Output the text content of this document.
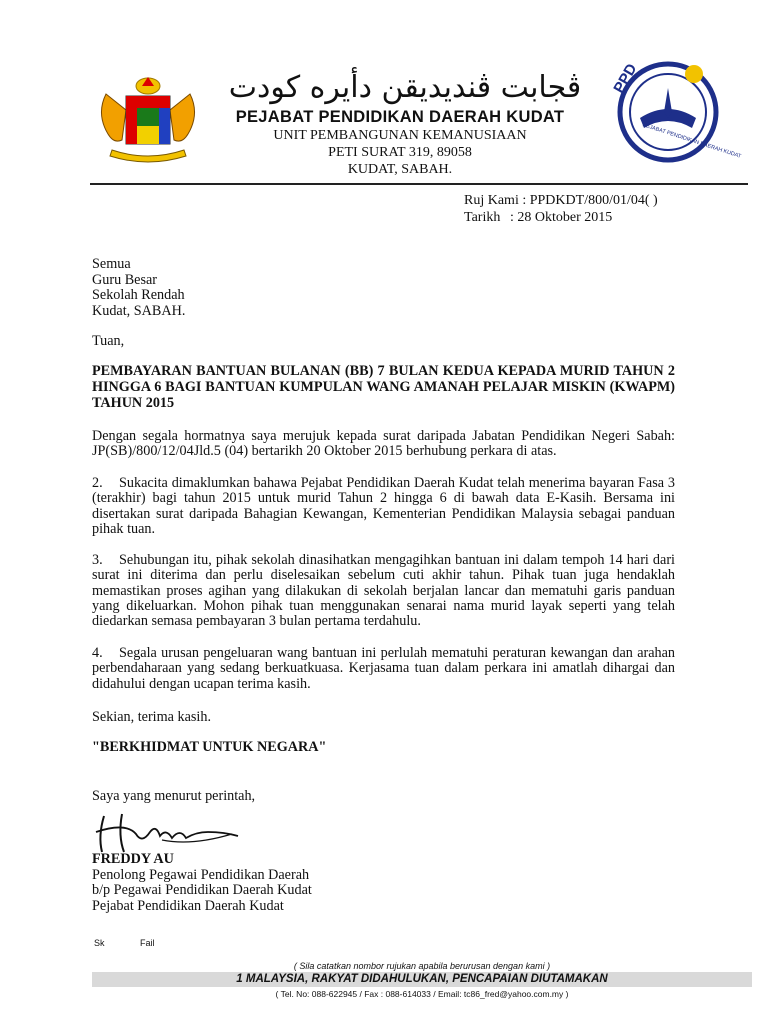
PPD
PEJABAT PENDIDIKAN DAERAH KUDAT
ڤجابت ڤنديديقن دأيره كودت
PEJABAT PENDIDIKAN DAERAH KUDAT
UNIT PEMBANGUNAN KEMANUSIAAN
PETI SURAT 319, 89058
KUDAT, SABAH.
Ruj Kami : PPDKDT/800/01/04( )
Tarikh : 28 Oktober 2015
Semua
Guru Besar
Sekolah Rendah
Kudat, SABAH.
Tuan,
PEMBAYARAN BANTUAN BULANAN (BB) 7 BULAN KEDUA KEPADA MURID TAHUN 2 HINGGA 6 BAGI BANTUAN KUMPULAN WANG AMANAH PELAJAR MISKIN (KWAPM) TAHUN 2015
Dengan segala hormatnya saya merujuk kepada surat daripada Jabatan Pendidikan Negeri Sabah: JP(SB)/800/12/04Jld.5 (04) bertarikh 20 Oktober 2015 berhubung perkara di atas.
2. Sukacita dimaklumkan bahawa Pejabat Pendidikan Daerah Kudat telah menerima bayaran Fasa 3 (terakhir) bagi tahun 2015 untuk murid Tahun 2 hingga 6 di bawah data E-Kasih. Bersama ini disertakan surat daripada Bahagian Kewangan, Kementerian Pendidikan Malaysia sebagai panduan pihak tuan.
3. Sehubungan itu, pihak sekolah dinasihatkan mengagihkan bantuan ini dalam tempoh 14 hari dari surat ini diterima dan perlu diselesaikan sebelum cuti akhir tahun. Pihak tuan juga hendaklah memastikan proses agihan yang dilakukan di sekolah berjalan lancar dan mematuhi garis panduan yang dikeluarkan. Mohon pihak tuan menggunakan senarai nama murid layak seperti yang telah diedarkan semasa pembayaran 3 bulan pertama terdahulu.
4. Segala urusan pengeluaran wang bantuan ini perlulah mematuhi peraturan kewangan dan arahan perbendaharaan yang sedang berkuatkuasa. Kerjasama tuan dalam perkara ini amatlah dihargai dan didahului dengan ucapan terima kasih.
Sekian, terima kasih.
"BERKHIDMAT UNTUK NEGARA"
Saya yang menurut perintah,
FREDDY AU
Penolong Pegawai Pendidikan Daerah
b/p Pegawai Pendidikan Daerah Kudat
Pejabat Pendidikan Daerah Kudat
Sk	Fail
( Sila catatkan nombor rujukan apabila berurusan dengan kami )
1 MALAYSIA, RAKYAT DIDAHULUKAN, PENCAPAIAN DIUTAMAKAN
( Tel. No: 088-622945 / Fax : 088-614033 / Email: tc86_fred@yahoo.com.my )
